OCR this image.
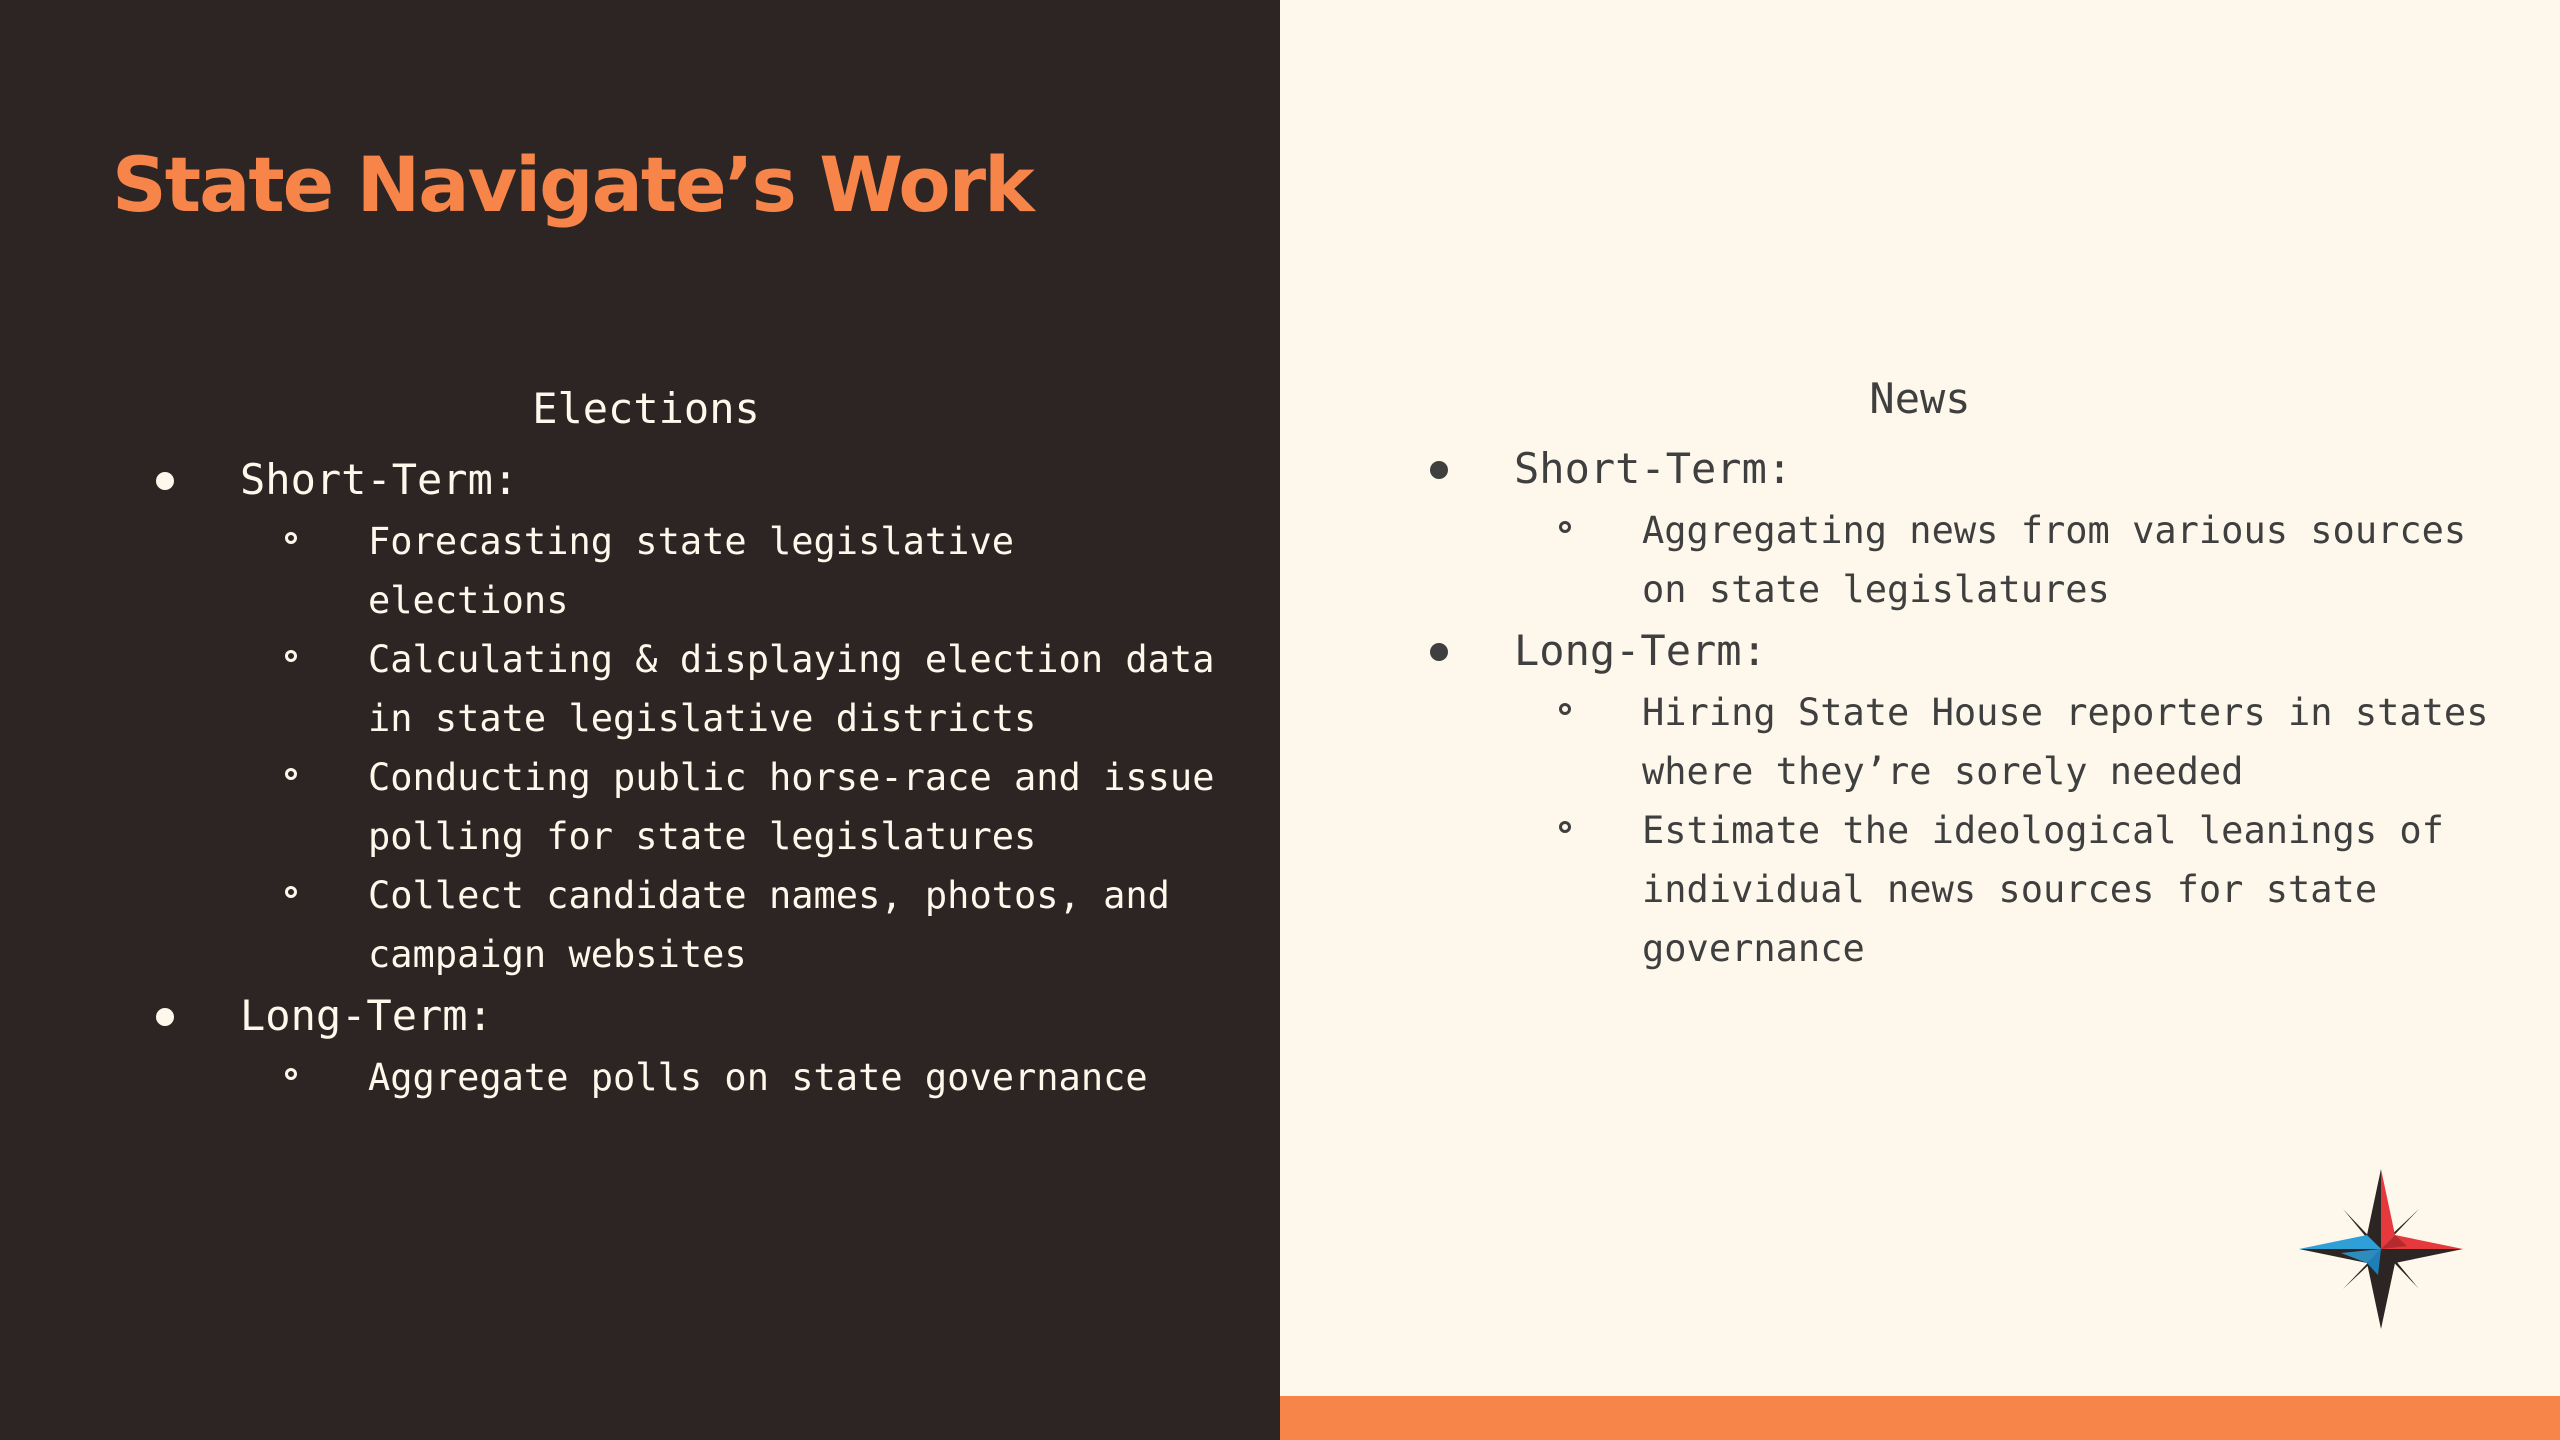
State Navigate’s Work
Elections
Short-Term:
Forecasting state legislative
elections
Calculating & displaying election data
in state legislative districts
Conducting public horse-race and issue
polling for state legislatures
Collect candidate names, photos, and
campaign websites
Long-Term:
Aggregate polls on state governance
News
Short-Term:
Aggregating news from various sources
on state legislatures
Long-Term:
Hiring State House reporters in states
where they’re sorely needed
Estimate the ideological leanings of
individual news sources for state
governance
